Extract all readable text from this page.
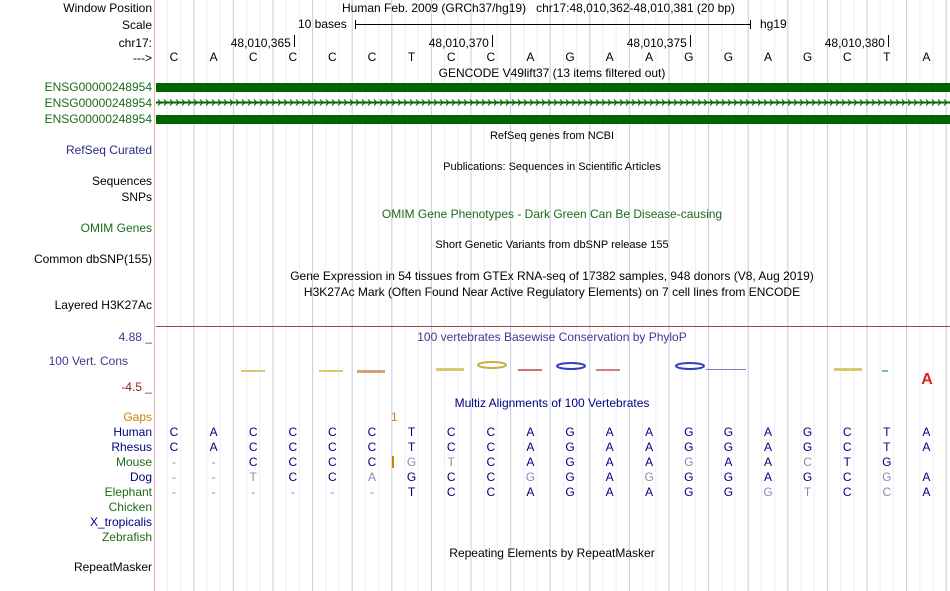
Window Position	Human Feb. 2009 (GRCh37/hg19)   chr17:48,010,362-48,010,381 (20 bp)
Scale	10 bases	hg19
chr17:	48,010,365	48,010,370	48,010,375	48,010,380
--->	C	A	C	C	C	C	T	C	C	A	G	A	A	G	G	A	G	C	T	A
GENCODE V49lift37 (13 items filtered out)
ENSG00000248954
ENSG00000248954
ENSG00000248954
RefSeq genes from NCBI
RefSeq Curated
Publications: Sequences in Scientific Articles
Sequences
SNPs
OMIM Gene Phenotypes - Dark Green Can Be Disease-causing
OMIM Genes
Short Genetic Variants from dbSNP release 155
Common dbSNP(155)
Gene Expression in 54 tissues from GTEx RNA-seq of 17382 samples, 948 donors (V8, Aug 2019)
H3K27Ac Mark (Often Found Near Active Regulatory Elements) on 7 cell lines from ENCODE
Layered H3K27Ac
4.88 _	100 vertebrates Basewise Conservation by PhyloP
100 Vert. Cons
-4.5 _	A
Multiz Alignments of 100 Vertebrates
Gaps	1
Human	C	A	C	C	C	C	T	C	C	A	G	A	A	G	G	A	G	C	T	A
Rhesus	C	A	C	C	C	C	T	C	C	A	G	A	A	G	G	A	G	C	T	A
Mouse	-	-	C	C	C	C	G	T	C	A	G	A	A	G	A	A	C	T	G
Dog	-	-	T	C	C	A	G	C	C	G	G	A	G	G	G	A	G	C	G	A
Elephant	-	-	-	-	-	-	T	C	C	A	G	A	A	G	G	G	T	C	C	A
Chicken
X_tropicalis
Zebrafish
Repeating Elements by RepeatMasker
RepeatMasker
